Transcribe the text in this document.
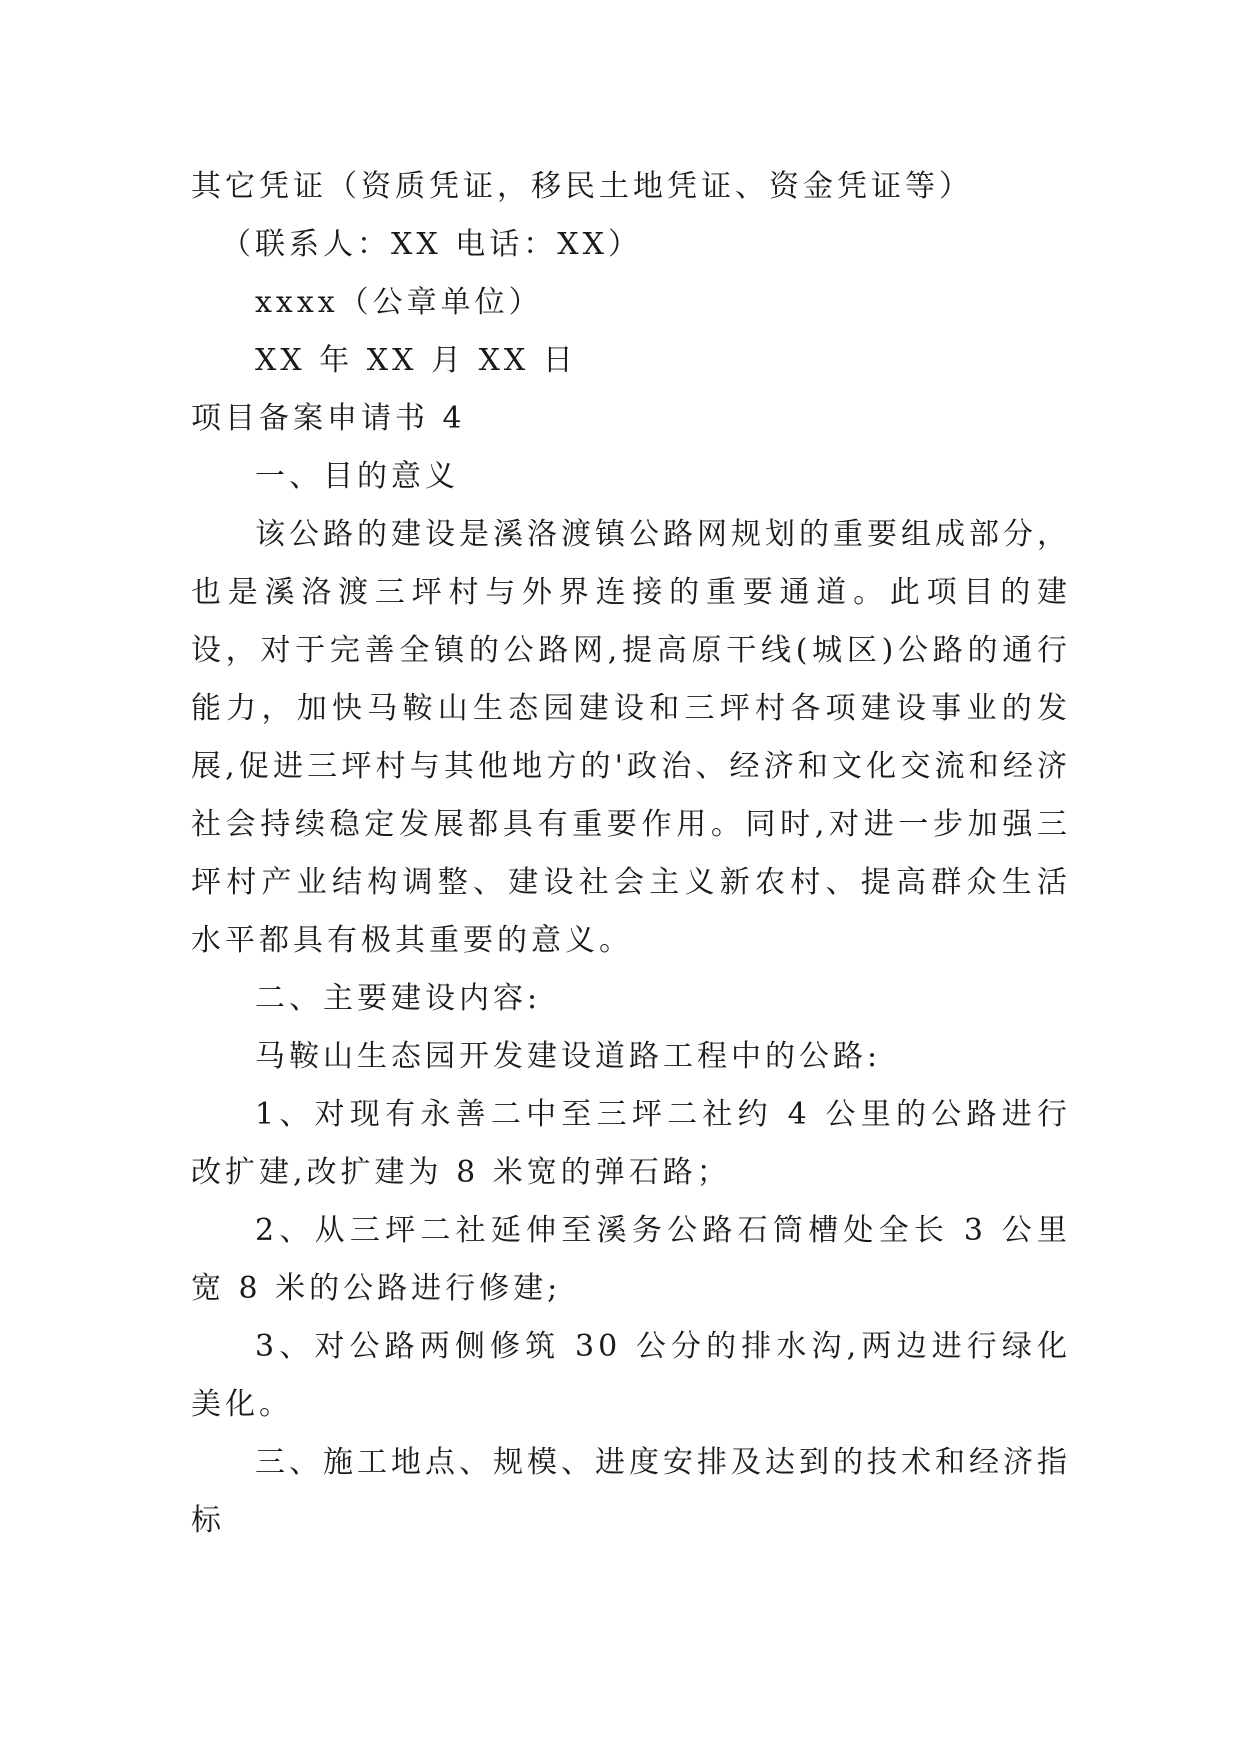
其它凭证（资质凭证，移民土地凭证、资金凭证等）

（联系人：XX 电话：XX）

xxxx（公章单位）

XX 年 XX 月 XX 日

项目备案申请书 4

一、目的意义

该公路的建设是溪洛渡镇公路网规划的重要组成部分，也是溪洛渡三坪村与外界连接的重要通道。此项目的建设，对于完善全镇的公路网,提高原干线(城区)公路的通行能力，加快马鞍山生态园建设和三坪村各项建设事业的发展,促进三坪村与其他地方的'政治、经济和文化交流和经济社会持续稳定发展都具有重要作用。同时,对进一步加强三坪村产业结构调整、建设社会主义新农村、提高群众生活水平都具有极其重要的意义。

二、主要建设内容:

马鞍山生态园开发建设道路工程中的公路:

1、对现有永善二中至三坪二社约 4 公里的公路进行改扩建,改扩建为 8 米宽的弹石路；

2、从三坪二社延伸至溪务公路石筒槽处全长 3 公里宽 8 米的公路进行修建;

3、对公路两侧修筑 30 公分的排水沟,两边进行绿化美化。

三、施工地点、规模、进度安排及达到的技术和经济指标
